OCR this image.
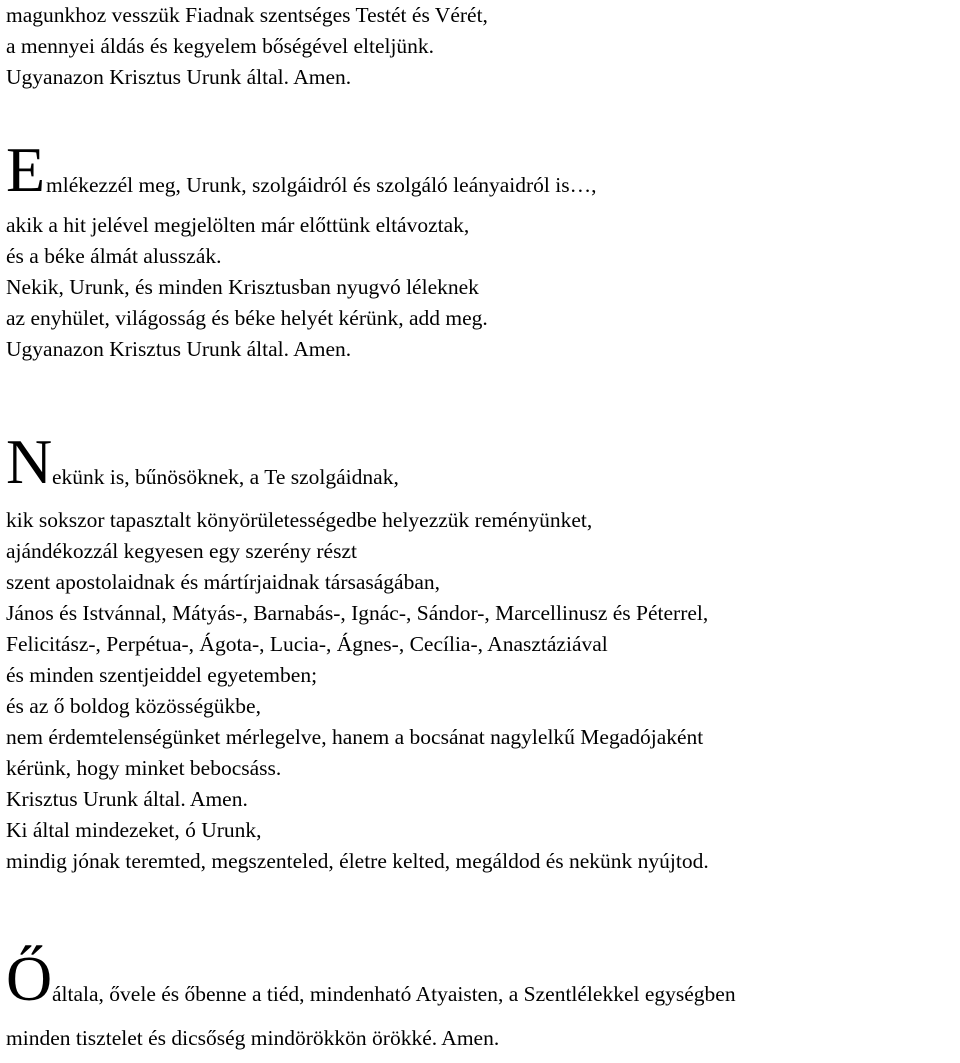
magunkhoz vesszük Fiadnak szentséges Testét és Vérét,
a mennyei áldás és kegyelem bőségével elteljünk.
Ugyanazon Krisztus Urunk által. Amen.
E mlékezzél meg, Urunk, szolgáidról és szolgáló leányaidról is…,
akik a hit jelével megjelölten már előttünk eltávoztak,
és a béke álmát alusszák.
Nekik, Urunk, és minden Krisztusban nyugvó léleknek
az enyhület, világosság és béke helyét kérünk, add meg.
Ugyanazon Krisztus Urunk által. Amen.
N ekünk is, bűnösöknek, a Te szolgáidnak,
kik sokszor tapasztalt könyörületességedbe helyezzük reményünket,
ajándékozzál kegyesen egy szerény részt
szent apostolaidnak és mártírjaidnak társaságában,
János és Istvánnal, Mátyás-, Barnabás-, Ignác-, Sándor-, Marcellinusz és Péterrel,
Felicitász-, Perpétua-, Ágota-, Lucia-, Ágnes-, Cecília-, Anasztáziával
és minden szentjeiddel egyetemben;
és az ő boldog közösségükbe,
nem érdemtelenségünket mérlegelve, hanem a bocsánat nagylelkű Megadójaként
kérünk, hogy minket bebocsáss.
Krisztus Urunk által. Amen.
Ki által mindezeket, ó Urunk,
mindig jónak teremted, megszenteled, életre kelted, megáldod és nekünk nyújtod.
Ő általa, ővele és őbenne a tiéd, mindenható Atyaisten, a Szentlélekkel egységben
minden tisztelet és dicsőség mindörökkön örökké. Amen.
